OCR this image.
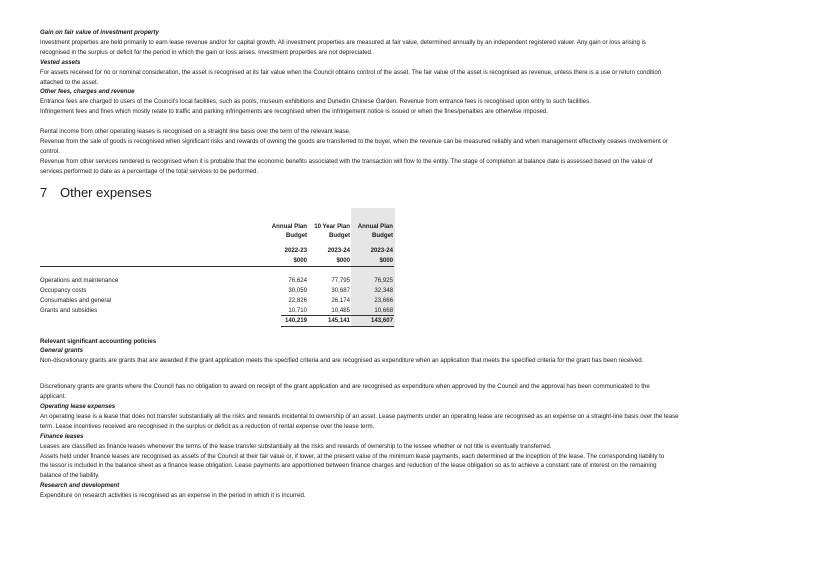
Gain on fair value of investment property

Investment properties are held primarily to earn lease revenue and/or for capital growth. All investment properties are measured at fair value, determined annually by an independent registered valuer. Any gain or loss arising is

recognised in the surplus or deficit for the period in which the gain or loss arises. Investment properties are not depreciated.

Vested assets

For assets received for no or nominal consideration, the asset is recognised at its fair value when the Council obtains control of the asset. The fair value of the asset is recognised as revenue, unless there is a use or return condition

attached to the asset.

Other fees, charges and revenue

Entrance fees are charged to users of the Council's local facilities, such as pools, museum exhibitions and Dunedin Chinese Garden. Revenue from entrance fees is recognised upon entry to such facilities.

Infringement fees and fines which mostly relate to traffic and parking infringements are recognised when the infringement notice is issued or when the fines/penalties are otherwise imposed.

Rental income from other operating leases is recognised on a straight line basis over the term of the relevant lease.

Revenue from the sale of goods is recognised when significant risks and rewards of owning the goods are transferred to the buyer, when the revenue can be measured reliably and when management effectively ceases involvement or

control.

Revenue from other services rendered is recognised when it is probable that the economic benefits associated with the transaction will flow to the entity. The stage of completion at balance date is assessed based on the value of

services performed to date as a percentage of the total services to be performed.

7 Other expenses
Annual Plan
Budget
2022-23
$000
10 Year Plan
Budget
2023-24
$000
Annual Plan
Budget
2023-24
$000
Operations and maintenance	76,624	77,795	76,925
Occupancy costs	30,059	30,687	32,348
Consumables and general	22,826	26,174	23,666
Grants and subsidies	10,710	10,485	10,668
140,219	145,141	143,607

Relevant significant accounting policies

General grants

Non-discretionary grants are grants that are awarded if the grant application meets the specified criteria and are recognised as expenditure when an application that meets the specified criteria for the grant has been received.

Discretionary grants are grants where the Council has no obligation to award on receipt of the grant application and are recognised as expenditure when approved by the Council and the approval has been communicated to the

applicant.

Operating lease expenses

An operating lease is a lease that does not transfer substantially all the risks and rewards incidental to ownership of an asset. Lease payments under an operating lease are recognised as an expense on a straight-line basis over the lease

term. Lease incentives received are recognised in the surplus or deficit as a reduction of rental expense over the lease term.

Finance leases

Leases are classified as finance leases whenever the terms of the lease transfer substantially all the risks and rewards of ownership to the lessee whether or not title is eventually transferred.

Assets held under finance leases are recognised as assets of the Council at their fair value or, if lower, at the present value of the minimum lease payments, each determined at the inception of the lease. The corresponding liability to

the lessor is included in the balance sheet as a finance lease obligation. Lease payments are apportioned between finance charges and reduction of the lease obligation so as to achieve a constant rate of interest on the remaining

balance of the liability.

Research and development

Expenditure on research activities is recognised as an expense in the period in which it is incurred.
